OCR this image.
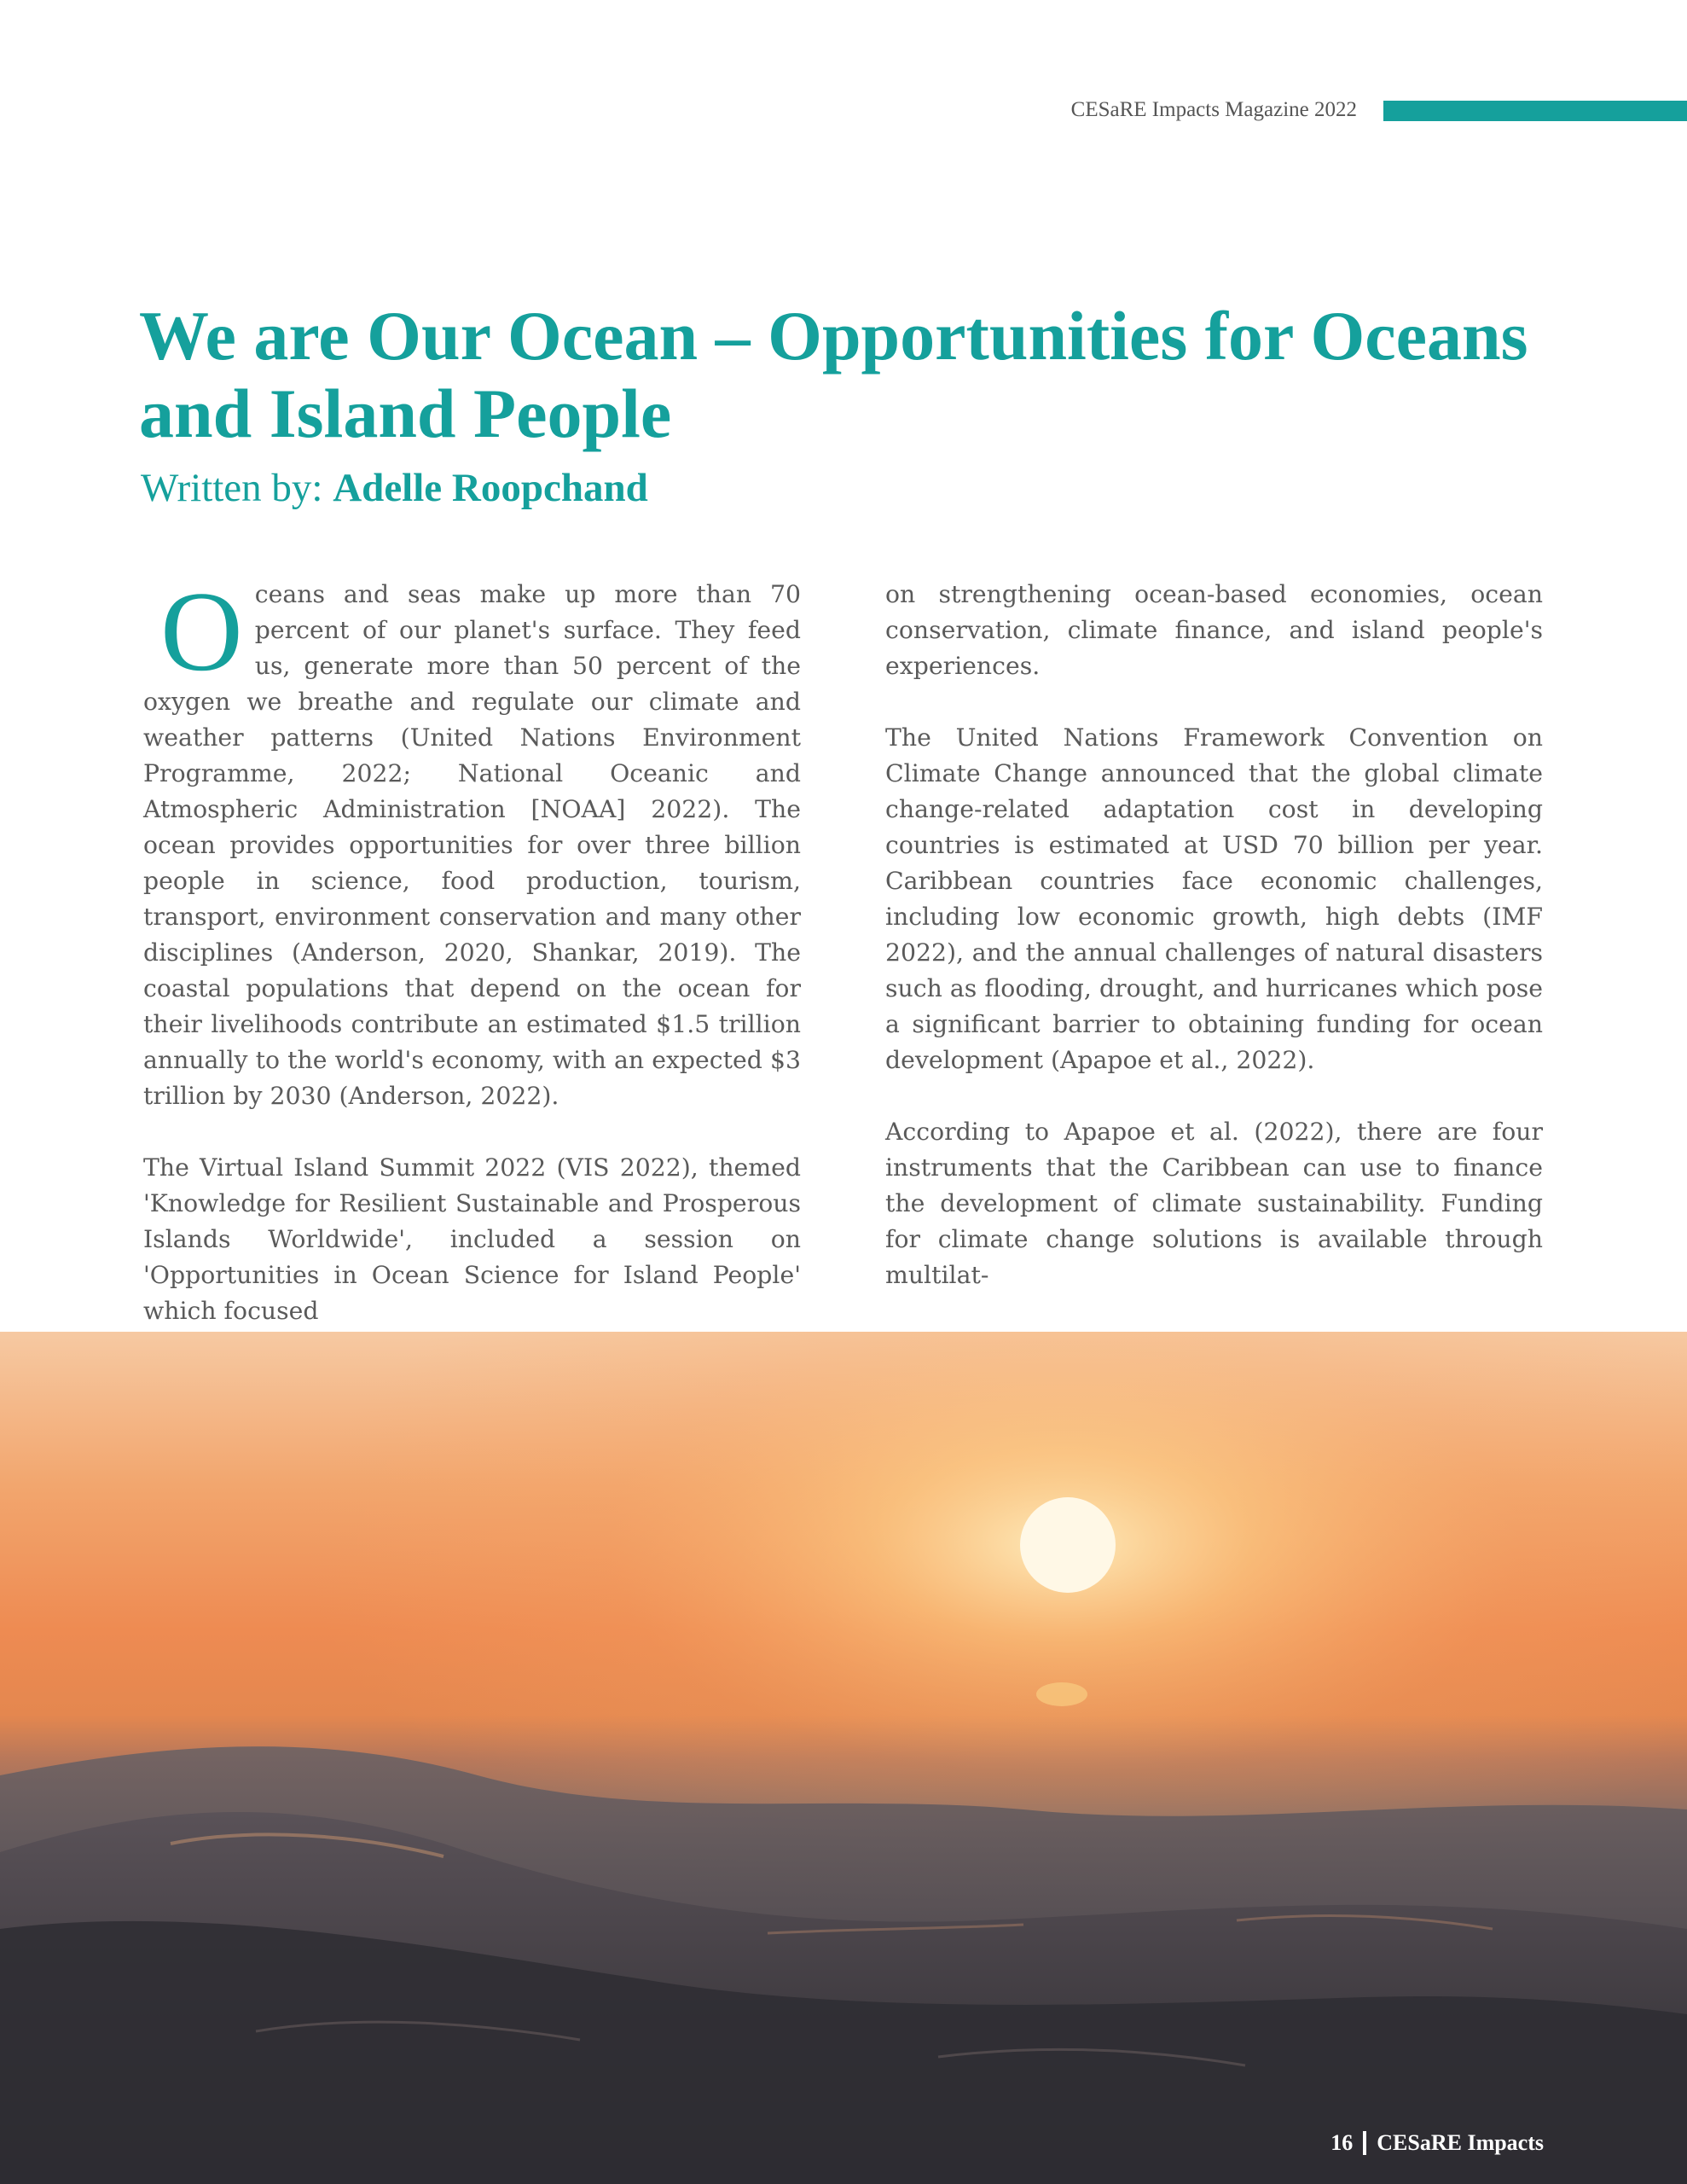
CESaRE Impacts Magazine 2022
We are Our Ocean – Opportunities for Oceans and Island People
Written by: Adelle Roopchand

Oceans and seas make up more than 70 percent of our planet's surface. They feed us, generate more than 50 percent of the oxygen we breathe and regulate our climate and weather patterns (United Nations Environment Programme, 2022; National Oceanic and Atmospheric Administration [NOAA] 2022). The ocean provides opportunities for over three billion people in science, food production, tourism, transport, environment conservation and many other disciplines (Anderson, 2020, Shankar, 2019). The coastal populations that depend on the ocean for their livelihoods contribute an estimated $1.5 trillion annually to the world's economy, with an expected $3 trillion by 2030 (Anderson, 2022).

The Virtual Island Summit 2022 (VIS 2022), themed 'Knowledge for Resilient Sustainable and Prosperous Islands Worldwide', included a session on 'Opportunities in Ocean Science for Island People' which focused

on strengthening ocean-based economies, ocean conservation, climate finance, and island people's experiences.

The United Nations Framework Convention on Climate Change announced that the global climate change-related adaptation cost in developing countries is estimated at USD 70 billion per year. Caribbean countries face economic challenges, including low economic growth, high debts (IMF 2022), and the annual challenges of natural disasters such as flooding, drought, and hurricanes which pose a significant barrier to obtaining funding for ocean development (Apapoe et al., 2022).

According to Apapoe et al. (2022), there are four instruments that the Caribbean can use to finance the development of climate sustainability. Funding for climate change solutions is available through multilat-

16 CESaRE Impacts
